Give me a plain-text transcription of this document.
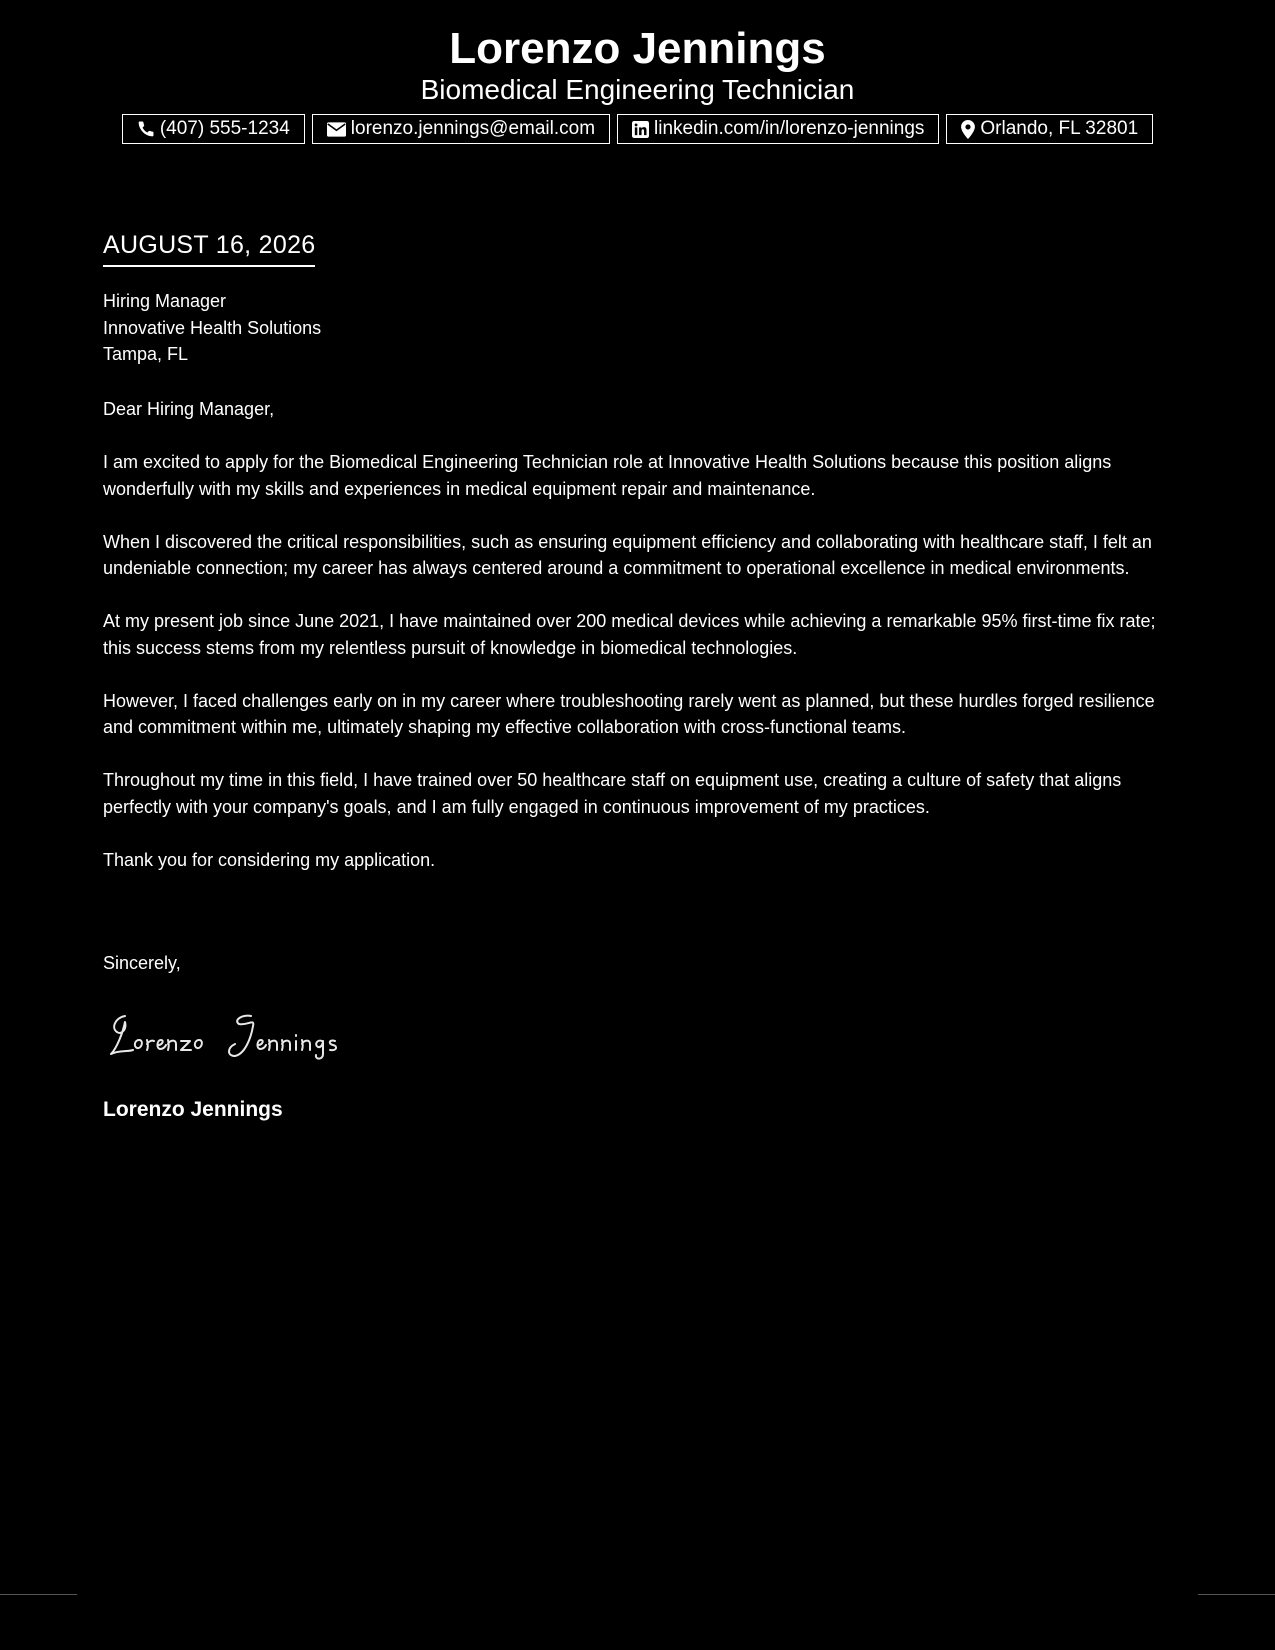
Lorenzo Jennings
Biomedical Engineering Technician
(407) 555-1234	lorenzo.jennings@email.com	linkedin.com/in/lorenzo-jennings	Orlando, FL 32801
AUGUST 16, 2026
Hiring Manager
Innovative Health Solutions
Tampa, FL
Dear Hiring Manager,

I am excited to apply for the Biomedical Engineering Technician role at Innovative Health Solutions because this position aligns wonderfully with my skills and experiences in medical equipment repair and maintenance.

When I discovered the critical responsibilities, such as ensuring equipment efficiency and collaborating with healthcare staff, I felt an undeniable connection; my career has always centered around a commitment to operational excellence in medical environments.

At my present job since June 2021, I have maintained over 200 medical devices while achieving a remarkable 95% first-time fix rate; this success stems from my relentless pursuit of knowledge in biomedical technologies.

However, I faced challenges early on in my career where troubleshooting rarely went as planned, but these hurdles forged resilience and commitment within me, ultimately shaping my effective collaboration with cross-functional teams.

Throughout my time in this field, I have trained over 50 healthcare staff on equipment use, creating a culture of safety that aligns perfectly with your company's goals, and I am fully engaged in continuous improvement of my practices.

Thank you for considering my application.

Sincerely,
Lorenzo Jennings
